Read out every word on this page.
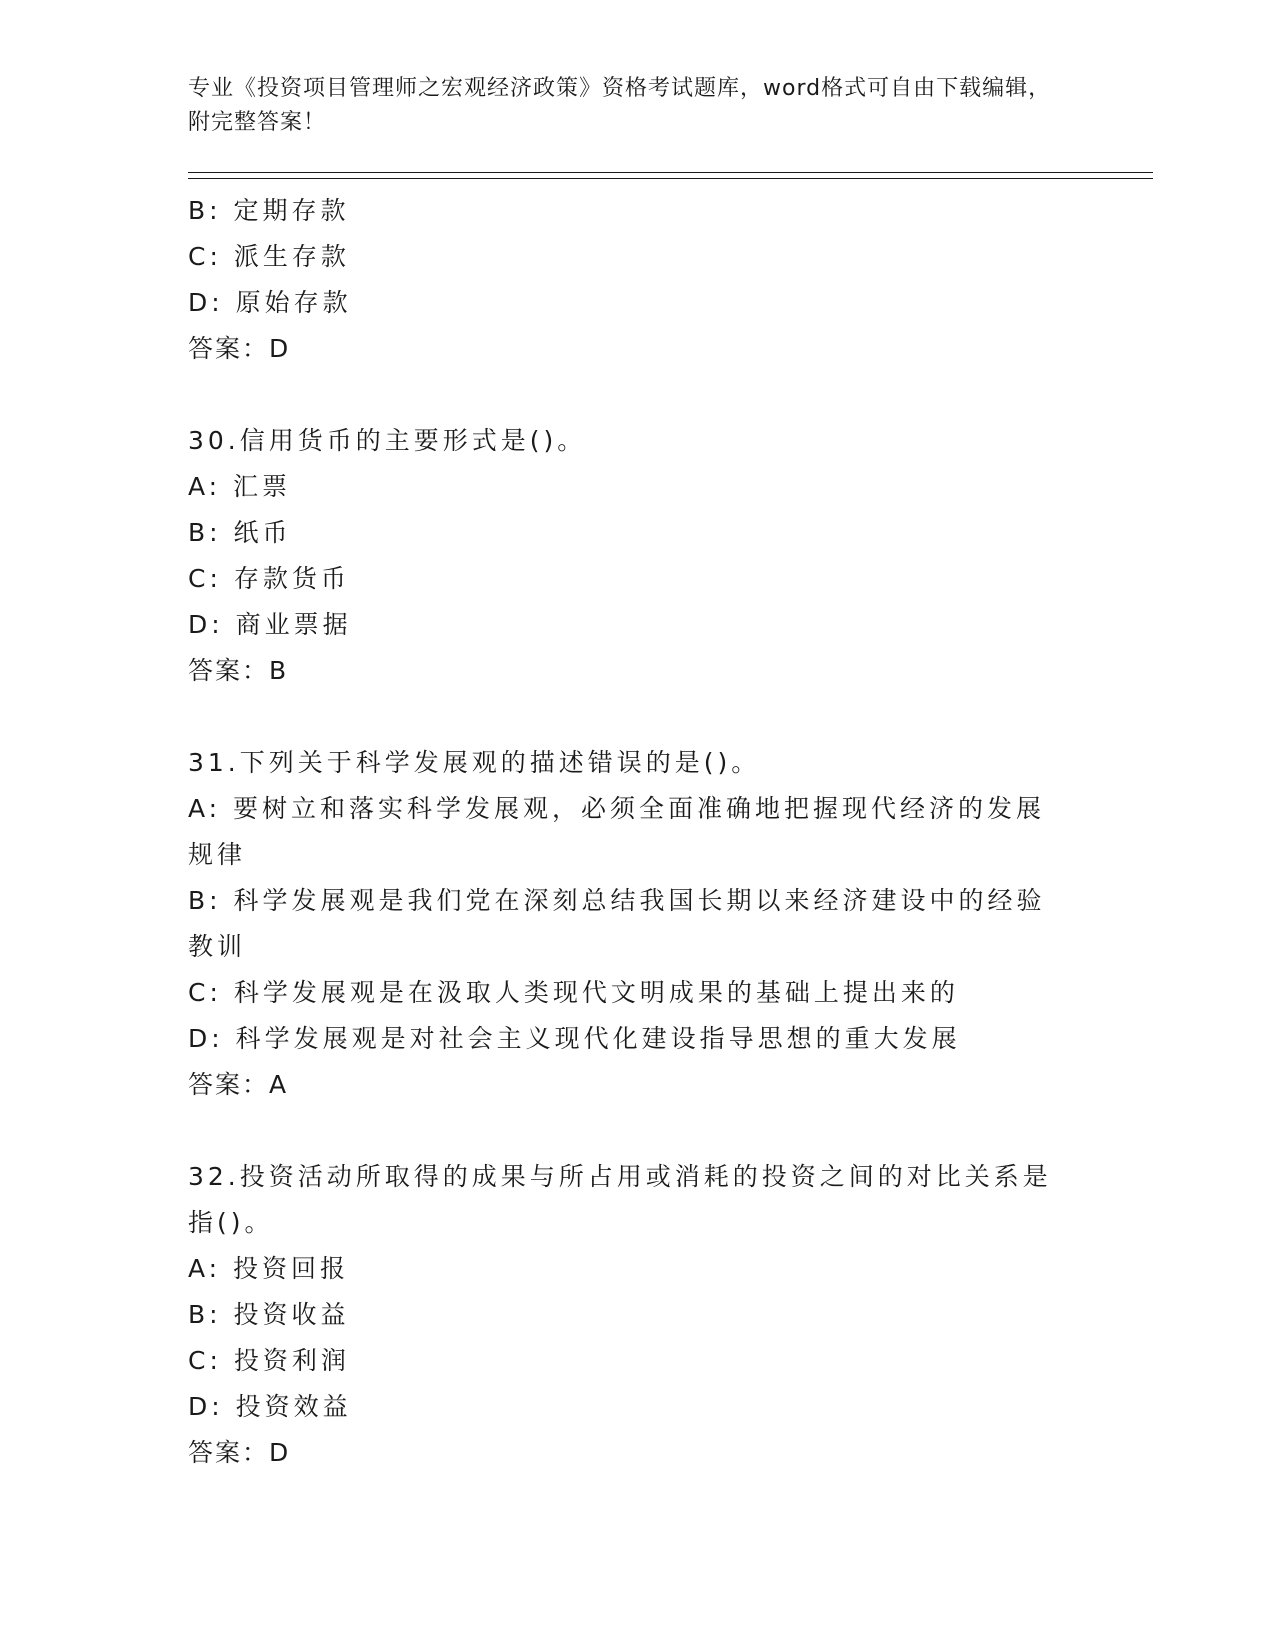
专业《投资项目管理师之宏观经济政策》资格考试题库，word格式可自由下载编辑，附完整答案！
B: 定期存款
C: 派生存款
D: 原始存款
答案：D
30.信用货币的主要形式是()。
A: 汇票
B: 纸币
C: 存款货币
D: 商业票据
答案：B
31.下列关于科学发展观的描述错误的是()。
A: 要树立和落实科学发展观，必须全面准确地把握现代经济的发展规律
B: 科学发展观是我们党在深刻总结我国长期以来经济建设中的经验教训
C: 科学发展观是在汲取人类现代文明成果的基础上提出来的
D: 科学发展观是对社会主义现代化建设指导思想的重大发展
答案：A
32.投资活动所取得的成果与所占用或消耗的投资之间的对比关系是指()。
A: 投资回报
B: 投资收益
C: 投资利润
D: 投资效益
答案：D
